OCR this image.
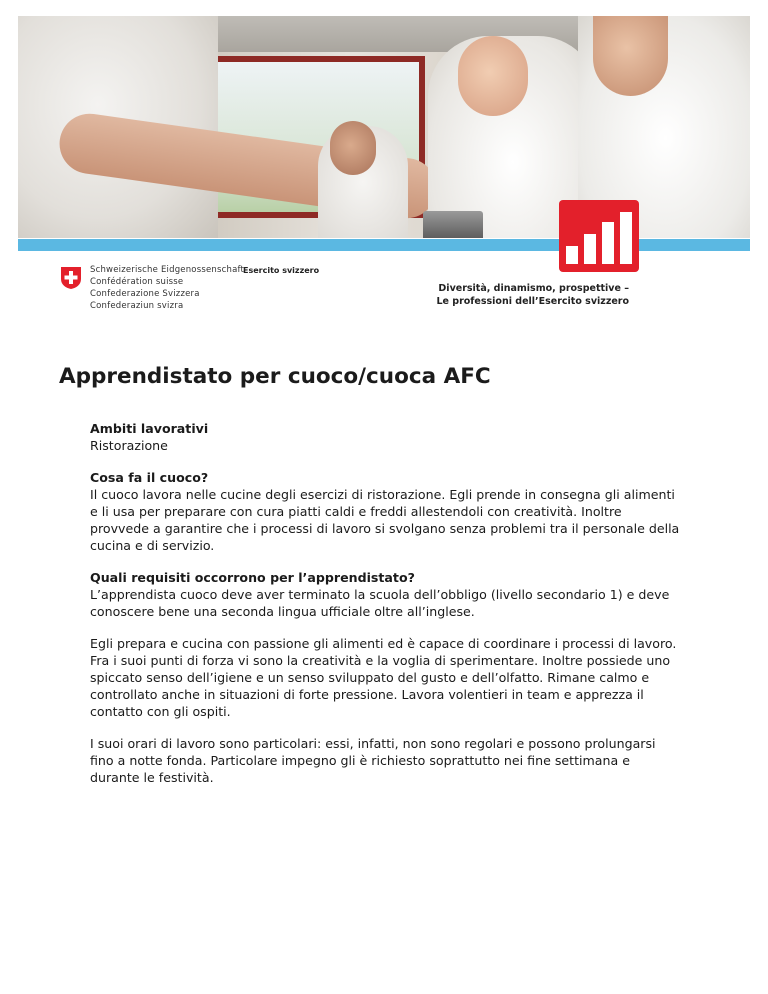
Schweizerische Eidgenossenschaft
Confédération suisse
Confederazione Svizzera
Confederaziun svizra
Esercito svizzero
Diversità, dinamismo, prospettive –
Le professioni dell’Esercito svizzero
Apprendistato per cuoco/cuoca AFC
Ambiti lavorativi

Ristorazione

Cosa fa il cuoco?

Il cuoco lavora nelle cucine degli esercizi di ristorazione. Egli prende in consegna gli alimenti e li usa per preparare con cura piatti caldi e freddi allestendoli con creatività. Inoltre provvede a garantire che i processi di lavoro si svolgano senza problemi tra il personale della cucina e di servizio.

Quali requisiti occorrono per l’apprendistato?

L’apprendista cuoco deve aver terminato la scuola dell’obbligo (livello secondario 1) e deve conoscere bene una seconda lingua ufficiale oltre all’inglese.

Egli prepara e cucina con passione gli alimenti ed è capace di coordinare i processi di lavoro. Fra i suoi punti di forza vi sono la creatività e la voglia di sperimentare. Inoltre possiede uno spiccato senso dell’igiene e un senso sviluppato del gusto e dell’olfatto. Rimane calmo e controllato anche in situazioni di forte pressione. Lavora volentieri in team e apprezza il contatto con gli ospiti.

I suoi orari di lavoro sono particolari: essi, infatti, non sono regolari e possono prolungarsi fino a notte fonda. Particolare impegno gli è richiesto soprattutto nei fine settimana e durante le festività.
